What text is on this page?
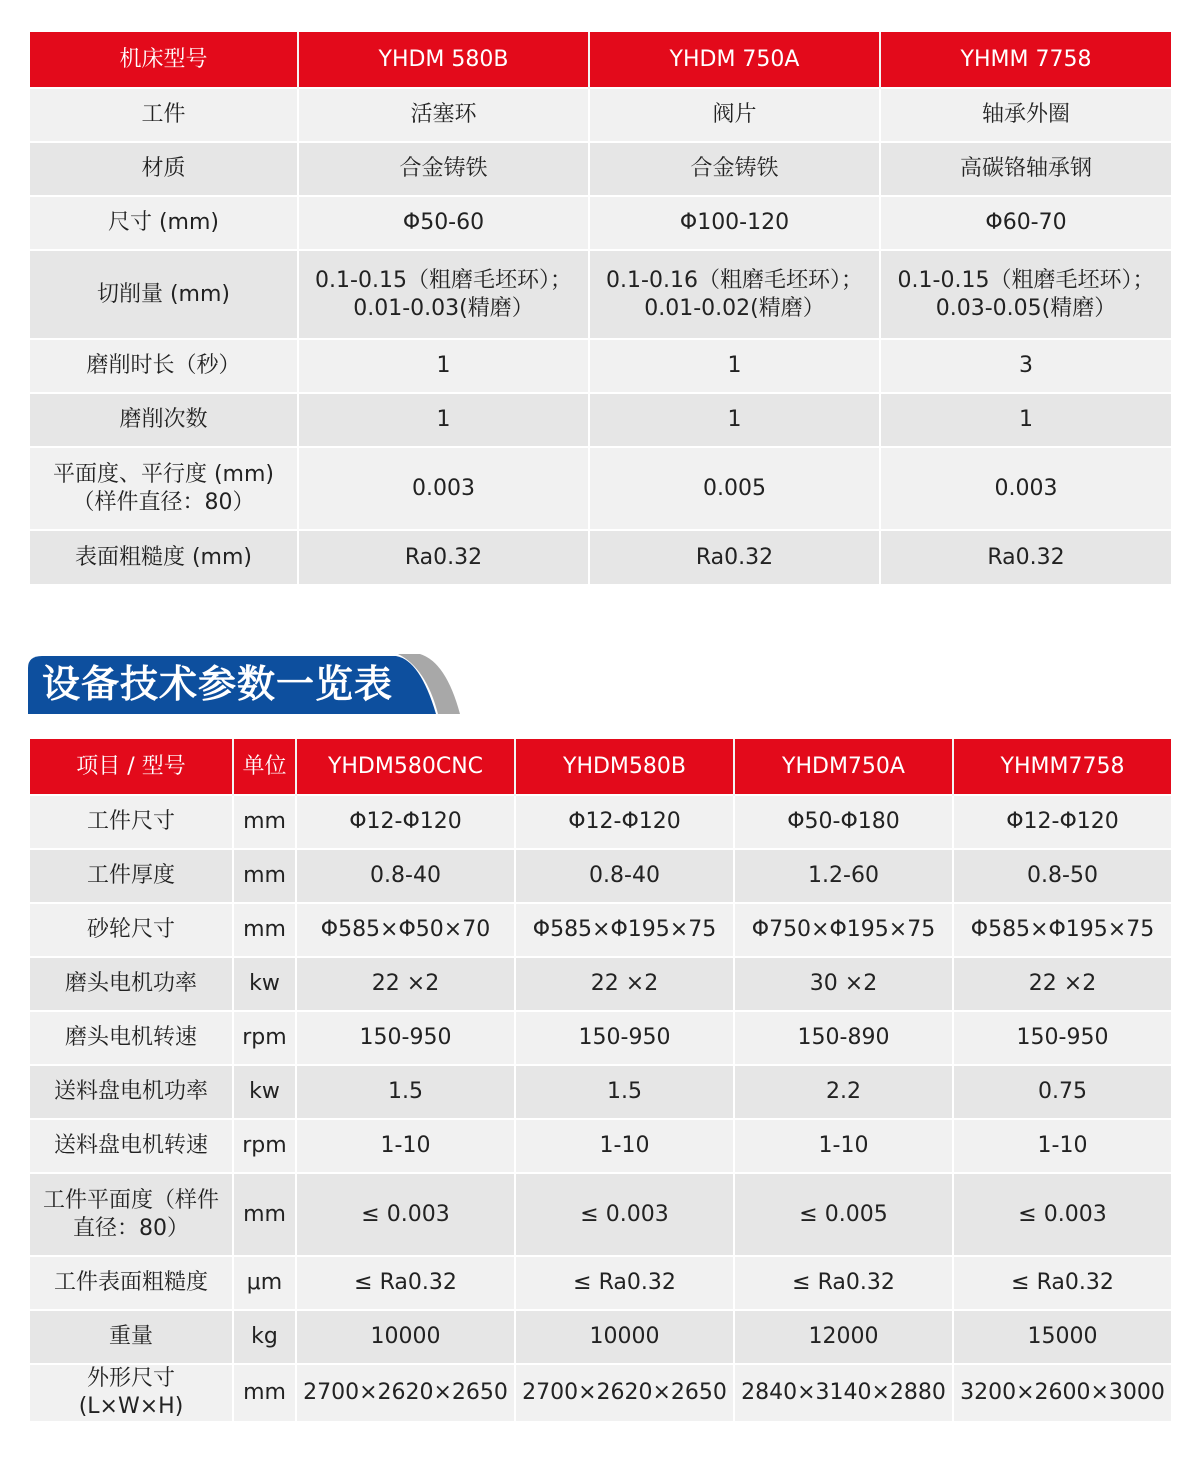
机床型号	YHDM 580B	YHDM 750A	YHMM 7758

工件	活塞环	阀片	轴承外圈

材质	合金铸铁	合金铸铁	高碳铬轴承钢

尺寸 (mm)	Φ50-60	Φ100-120	Φ60-70

切削量 (mm)	0.1-0.15（粗磨毛坯环）；
0.01-0.03(精磨）	0.1-0.16（粗磨毛坯环）；
0.01-0.02(精磨）	0.1-0.15（粗磨毛坯环）；
0.03-0.05(精磨）

磨削时长（秒）	1	1	3

磨削次数	1	1	1

平面度、平行度 (mm)
（样件直径：80）	0.003	0.005	0.003

表面粗糙度 (mm)	Ra0.32	Ra0.32	Ra0.32
设备技术参数一览表
项目 / 型号	单位	YHDM580CNC	YHDM580B	YHDM750A	YHMM7758

工件尺寸	mm	Φ12-Φ120	Φ12-Φ120	Φ50-Φ180	Φ12-Φ120

工件厚度	mm	0.8-40	0.8-40	1.2-60	0.8-50

砂轮尺寸	mm	Φ585×Φ50×70	Φ585×Φ195×75	Φ750×Φ195×75	Φ585×Φ195×75

磨头电机功率	kw	22 ×2	22 ×2	30 ×2	22 ×2

磨头电机转速	rpm	150-950	150-950	150-890	150-950

送料盘电机功率	kw	1.5	1.5	2.2	0.75

送料盘电机转速	rpm	1-10	1-10	1-10	1-10

工件平面度（样件
直径：80）	mm	≤ 0.003	≤ 0.003	≤ 0.005	≤ 0.003

工件表面粗糙度	μm	≤ Ra0.32	≤ Ra0.32	≤ Ra0.32	≤ Ra0.32

重量	kg	10000	10000	12000	15000

外形尺寸 (L×W×H)	mm	2700×2620×2650	2700×2620×2650	2840×3140×2880	3200×2600×3000
